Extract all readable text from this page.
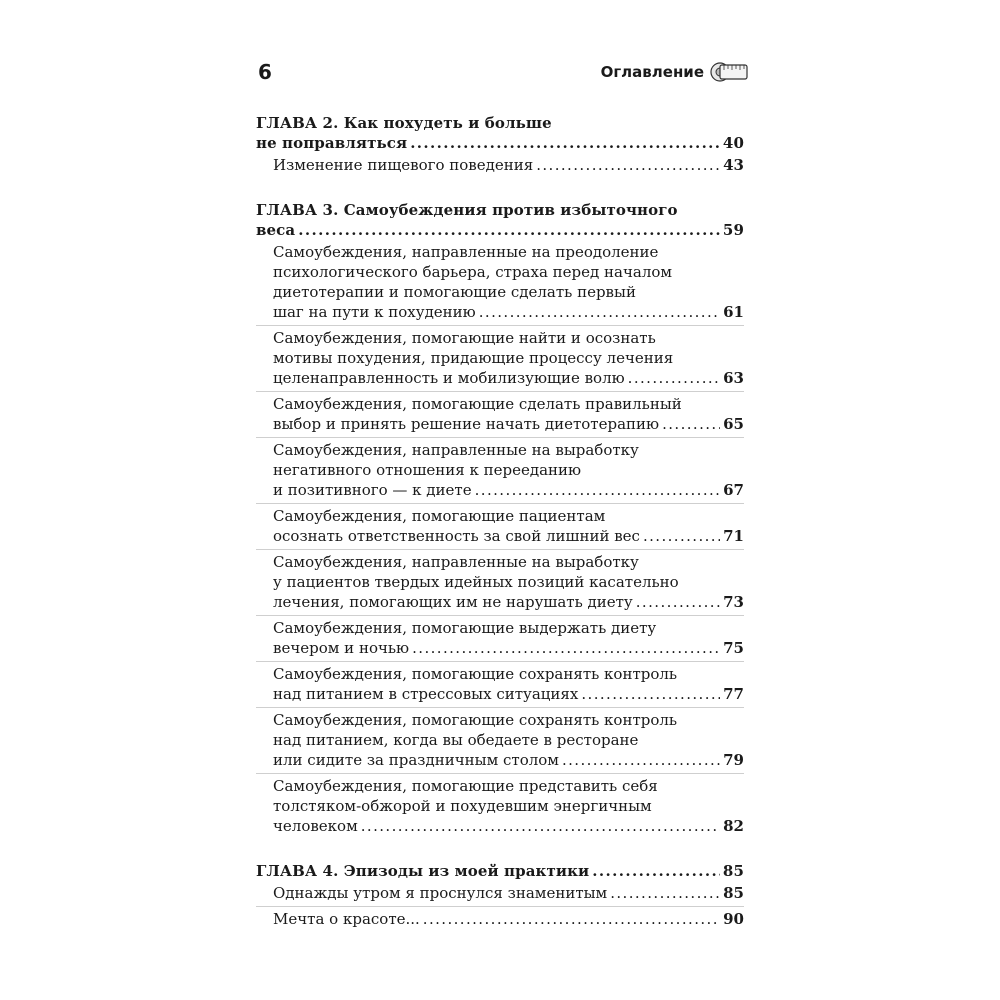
6	Оглавление
ГЛАВА 2. Как похудеть и больше
не поправляться .....	40
Изменение пищевого поведения .....	43
ГЛАВА 3. Самоубеждения против избыточного
веса .....	59
Самоубеждения, направленные на преодоление
психологического барьера, страха перед началом
диетотерапии и помогающие сделать первый
шаг на пути к похудению .....	61
Самоубеждения, помогающие найти и осознать
мотивы похудения, придающие процессу лечения
целенаправленность и мобилизующие волю .....	63
Самоубеждения, помогающие сделать правильный
выбор и принять решение начать диетотерапию .....	65
Самоубеждения, направленные на выработку
негативного отношения к перееданию
и позитивного — к диете .....	67
Самоубеждения, помогающие пациентам
осознать ответственность за свой лишний вес .....	71
Самоубеждения, направленные на выработку
у пациентов твердых идейных позиций касательно
лечения, помогающих им не нарушать диету .....	73
Самоубеждения, помогающие выдержать диету
вечером и ночью .....	75
Самоубеждения, помогающие сохранять контроль
над питанием в стрессовых ситуациях .....	77
Самоубеждения, помогающие сохранять контроль
над питанием, когда вы обедаете в ресторане
или сидите за праздничным столом .....	79
Самоубеждения, помогающие представить себя
толстяком-обжорой и похудевшим энергичным
человеком .....	82
ГЛАВА 4. Эпизоды из моей практики .....	85
Однажды утром я проснулся знаменитым .....	85
Мечта о красоте... .....	90
